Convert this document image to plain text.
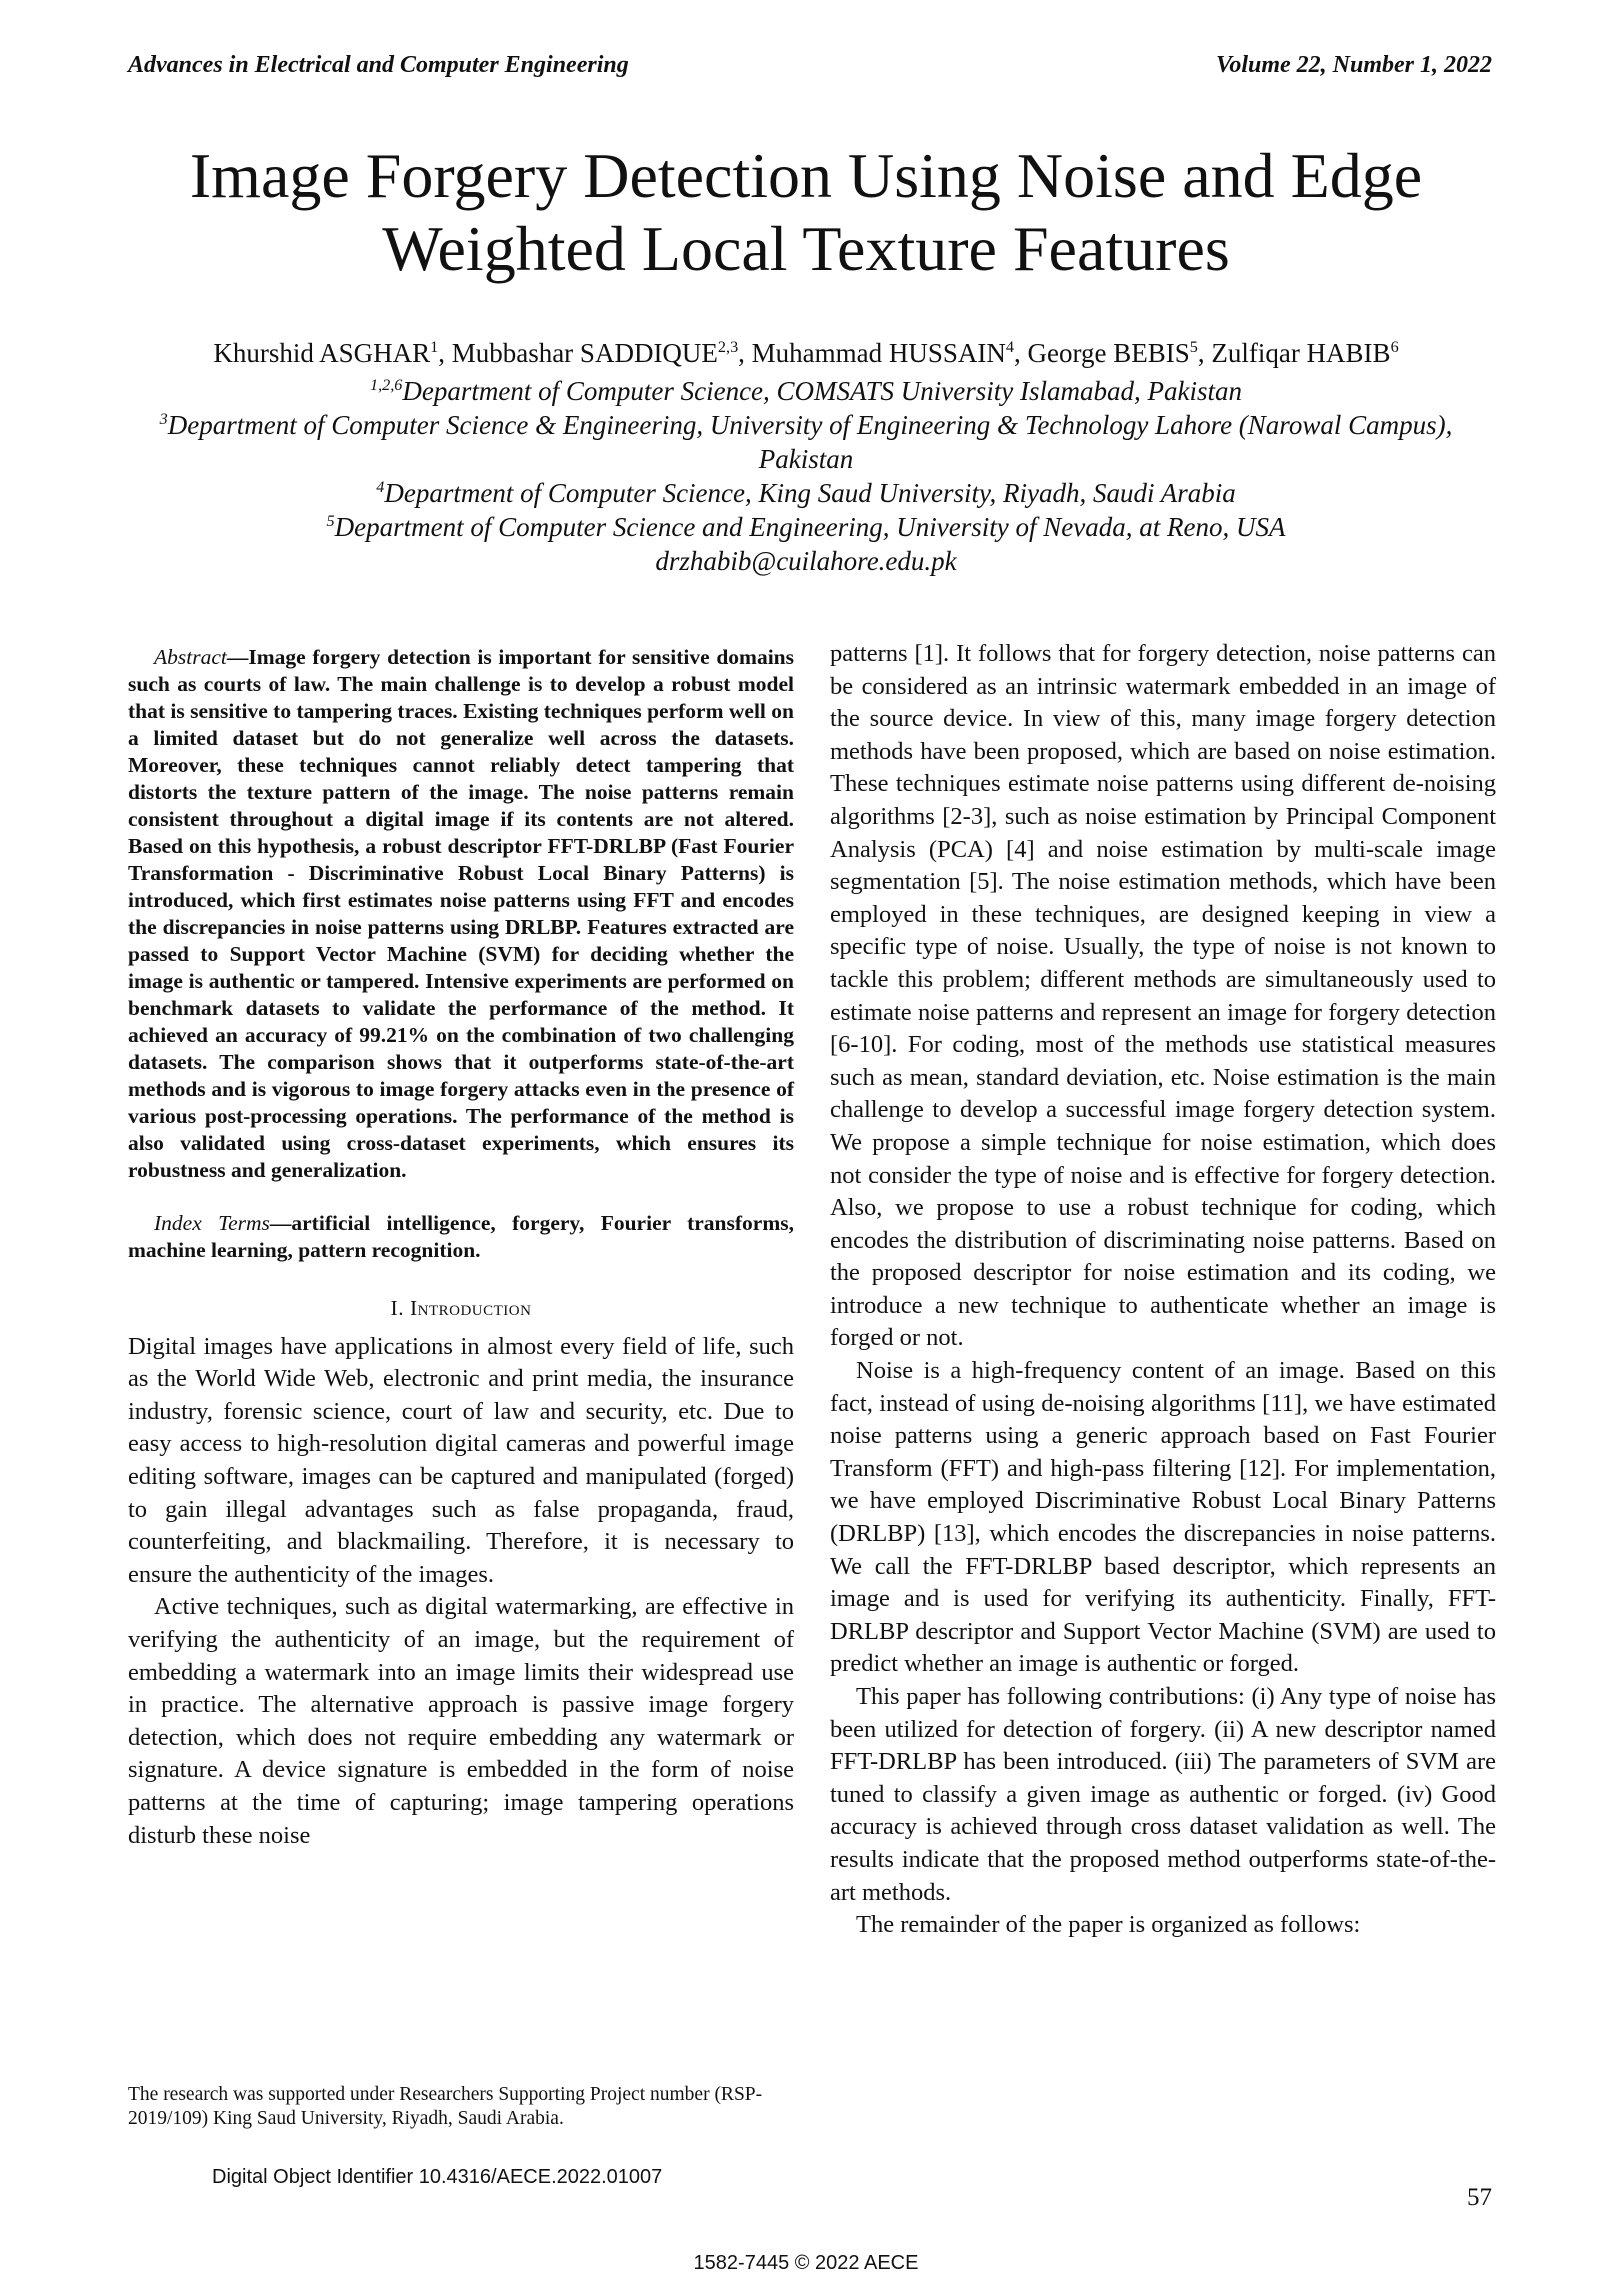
Advances in Electrical and Computer Engineering	Volume 22, Number 1, 2022
Image Forgery Detection Using Noise and Edge
Weighted Local Texture Features
Khurshid ASGHAR$^1$, Mubbashar SADDIQUE$^{2,3}$, Muhammad HUSSAIN$^4$, George BEBIS$^5$, Zulfiqar HABIB$^6$
$^{1,2,6}$Department of Computer Science, COMSATS University Islamabad, Pakistan
$^3$Department of Computer Science & Engineering, University of Engineering & Technology Lahore (Narowal Campus), Pakistan
$^4$Department of Computer Science, King Saud University, Riyadh, Saudi Arabia
$^5$Department of Computer Science and Engineering, University of Nevada, at Reno, USA
drzhabib@cuilahore.edu.pk

Abstract—Image forgery detection is important for sensitive domains such as courts of law. The main challenge is to develop a robust model that is sensitive to tampering traces. Existing techniques perform well on a limited dataset but do not generalize well across the datasets. Moreover, these techniques cannot reliably detect tampering that distorts the texture pattern of the image. The noise patterns remain consistent throughout a digital image if its contents are not altered. Based on this hypothesis, a robust descriptor FFT-DRLBP (Fast Fourier Transformation - Discriminative Robust Local Binary Patterns) is introduced, which first estimates noise patterns using FFT and encodes the discrepancies in noise patterns using DRLBP. Features extracted are passed to Support Vector Machine (SVM) for deciding whether the image is authentic or tampered. Intensive experiments are performed on benchmark datasets to validate the performance of the method. It achieved an accuracy of 99.21% on the combination of two challenging datasets. The comparison shows that it outperforms state-of-the-art methods and is vigorous to image forgery attacks even in the presence of various post-processing operations. The performance of the method is also validated using cross-dataset experiments, which ensures its robustness and generalization.

Index Terms—artificial intelligence, forgery, Fourier transforms, machine learning, pattern recognition.

I. Introduction

Digital images have applications in almost every field of life, such as the World Wide Web, electronic and print media, the insurance industry, forensic science, court of law and security, etc. Due to easy access to high-resolution digital cameras and powerful image editing software, images can be captured and manipulated (forged) to gain illegal advantages such as false propaganda, fraud, counterfeiting, and blackmailing. Therefore, it is necessary to ensure the authenticity of the images.

Active techniques, such as digital watermarking, are effective in verifying the authenticity of an image, but the requirement of embedding a watermark into an image limits their widespread use in practice. The alternative approach is passive image forgery detection, which does not require embedding any watermark or signature. A device signature is embedded in the form of noise patterns at the time of capturing; image tampering operations disturb these noise

patterns [1]. It follows that for forgery detection, noise patterns can be considered as an intrinsic watermark embedded in an image of the source device. In view of this, many image forgery detection methods have been proposed, which are based on noise estimation. These techniques estimate noise patterns using different de-noising algorithms [2-3], such as noise estimation by Principal Component Analysis (PCA) [4] and noise estimation by multi-scale image segmentation [5]. The noise estimation methods, which have been employed in these techniques, are designed keeping in view a specific type of noise. Usually, the type of noise is not known to tackle this problem; different methods are simultaneously used to estimate noise patterns and represent an image for forgery detection [6-10]. For coding, most of the methods use statistical measures such as mean, standard deviation, etc. Noise estimation is the main challenge to develop a successful image forgery detection system. We propose a simple technique for noise estimation, which does not consider the type of noise and is effective for forgery detection. Also, we propose to use a robust technique for coding, which encodes the distribution of discriminating noise patterns. Based on the proposed descriptor for noise estimation and its coding, we introduce a new technique to authenticate whether an image is forged or not.

Noise is a high-frequency content of an image. Based on this fact, instead of using de-noising algorithms [11], we have estimated noise patterns using a generic approach based on Fast Fourier Transform (FFT) and high-pass filtering [12]. For implementation, we have employed Discriminative Robust Local Binary Patterns (DRLBP) [13], which encodes the discrepancies in noise patterns. We call the FFT-DRLBP based descriptor, which represents an image and is used for verifying its authenticity. Finally, FFT-DRLBP descriptor and Support Vector Machine (SVM) are used to predict whether an image is authentic or forged.

This paper has following contributions: (i) Any type of noise has been utilized for detection of forgery. (ii) A new descriptor named FFT-DRLBP has been introduced. (iii) The parameters of SVM are tuned to classify a given image as authentic or forged. (iv) Good accuracy is achieved through cross dataset validation as well. The results indicate that the proposed method outperforms state-of-the-art methods.

The remainder of the paper is organized as follows:

The research was supported under Researchers Supporting Project number (RSP-2019/109) King Saud University, Riyadh, Saudi Arabia.
Digital Object Identifier 10.4316/AECE.2022.01007
57
1582-7445 © 2022 AECE
